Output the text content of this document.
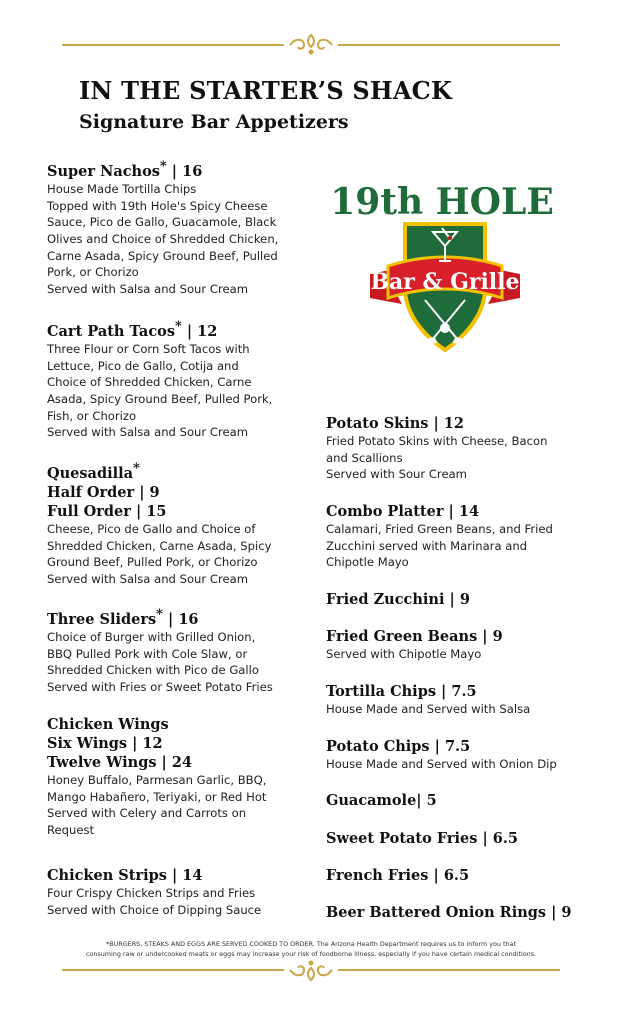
IN THE STARTER’S SHACK
Signature Bar Appetizers
Super Nachos* | 16
House Made Tortilla Chips
Topped with 19th Hole's Spicy Cheese
Sauce, Pico de Gallo, Guacamole, Black
Olives and Choice of Shredded Chicken,
Carne Asada, Spicy Ground Beef, Pulled
Pork, or Chorizo
Served with Salsa and Sour Cream
Cart Path Tacos* | 12
Three Flour or Corn Soft Tacos with
Lettuce, Pico de Gallo, Cotija and
Choice of Shredded Chicken, Carne
Asada, Spicy Ground Beef, Pulled Pork,
Fish, or Chorizo
Served with Salsa and Sour Cream
Quesadilla*
Half Order | 9
Full Order | 15
Cheese, Pico de Gallo and Choice of
Shredded Chicken, Carne Asada, Spicy
Ground Beef, Pulled Pork, or Chorizo
Served with Salsa and Sour Cream
Three Sliders* | 16
Choice of Burger with Grilled Onion,
BBQ Pulled Pork with Cole Slaw, or
Shredded Chicken with Pico de Gallo
Served with Fries or Sweet Potato Fries
Chicken Wings
Six Wings | 12
Twelve Wings | 24
Honey Buffalo, Parmesan Garlic, BBQ,
Mango Habañero, Teriyaki, or Red Hot
Served with Celery and Carrots on
Request
Chicken Strips | 14
Four Crispy Chicken Strips and Fries
Served with Choice of Dipping Sauce
19th HOLE
Bar & Grille
Potato Skins | 12
Fried Potato Skins with Cheese, Bacon
and Scallions
Served with Sour Cream
Combo Platter | 14
Calamari, Fried Green Beans, and Fried
Zucchini served with Marinara and
Chipotle Mayo
Fried Zucchini | 9
Fried Green Beans | 9
Served with Chipotle Mayo
Tortilla Chips | 7.5
House Made and Served with Salsa
Potato Chips | 7.5
House Made and Served with Onion Dip
Guacamole| 5
Sweet Potato Fries | 6.5
French Fries | 6.5
Beer Battered Onion Rings | 9
*BURGERS, STEAKS AND EGGS ARE SERVED COOKED TO ORDER. The Arizona Health Department requires us to inform you that
consuming raw or undercooked meats or eggs may increase your risk of foodborne illness, especially if you have certain medical conditions.
